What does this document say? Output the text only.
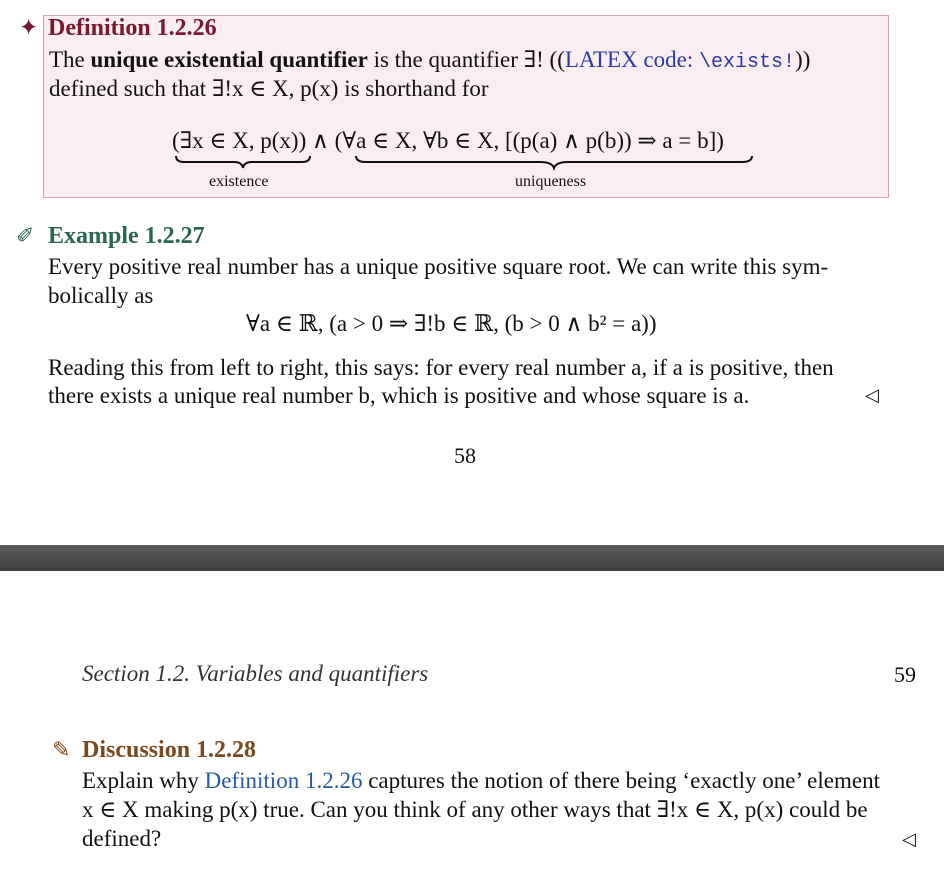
✦ Definition 1.2.26
The unique existential quantifier is the quantifier ∃! ((LATEX code: \exists!))
defined such that ∃!x ∈ X, p(x) is shorthand for
(∃x ∈ X, p(x)) ∧ (∀a ∈ X, ∀b ∈ X, [(p(a) ∧ p(b)) ⇒ a = b])
existence	uniqueness
✐ Example 1.2.27
Every positive real number has a unique positive square root. We can write this sym-
bolically as
∀a ∈ ℝ, (a > 0 ⇒ ∃!b ∈ ℝ, (b > 0 ∧ b² = a))
Reading this from left to right, this says: for every real number a, if a is positive, then
there exists a unique real number b, which is positive and whose square is a.	◁
58
Section 1.2. Variables and quantifiers	59
✎ Discussion 1.2.28
Explain why Definition 1.2.26 captures the notion of there being ‘exactly one’ element
x ∈ X making p(x) true. Can you think of any other ways that ∃!x ∈ X, p(x) could be
defined?	◁
